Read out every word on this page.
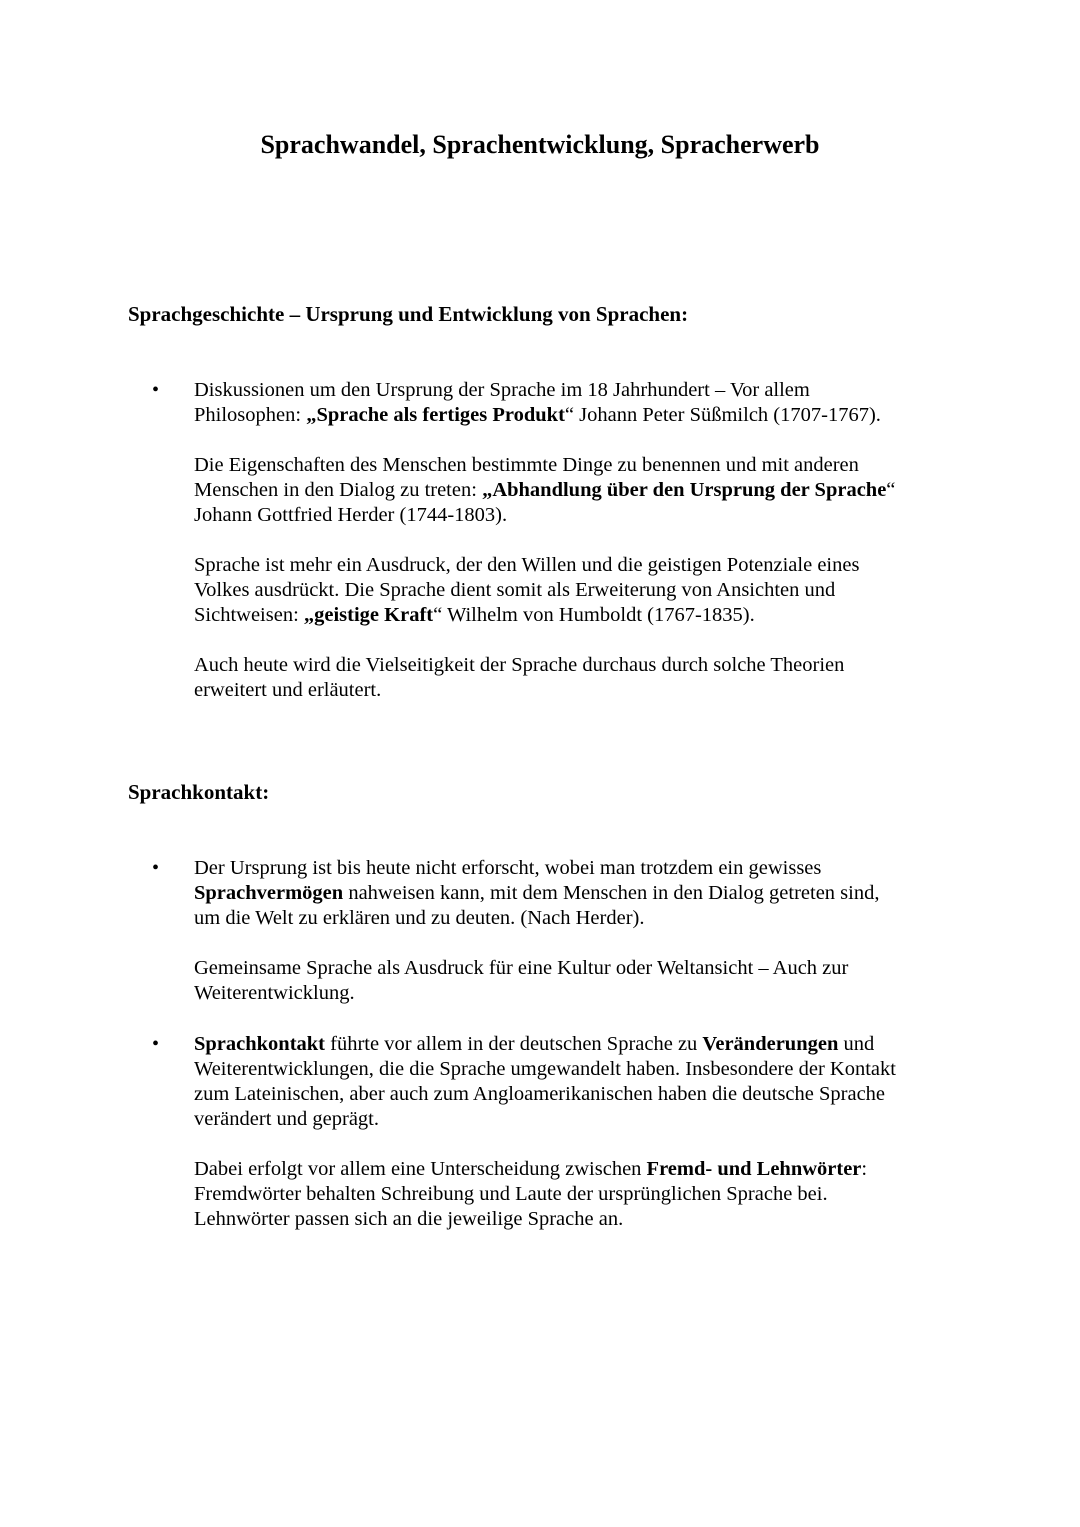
Sprachwandel, Sprachentwicklung, Spracherwerb
Sprachgeschichte – Ursprung und Entwicklung von Sprachen:
• Diskussionen um den Ursprung der Sprache im 18 Jahrhundert – Vor allem
Philosophen: „Sprache als fertiges Produkt“ Johann Peter Süßmilch (1707-1767).
Die Eigenschaften des Menschen bestimmte Dinge zu benennen und mit anderen
Menschen in den Dialog zu treten: „Abhandlung über den Ursprung der Sprache“
Johann Gottfried Herder (1744-1803).
Sprache ist mehr ein Ausdruck, der den Willen und die geistigen Potenziale eines
Volkes ausdrückt. Die Sprache dient somit als Erweiterung von Ansichten und
Sichtweisen: „geistige Kraft“ Wilhelm von Humboldt (1767-1835).
Auch heute wird die Vielseitigkeit der Sprache durchaus durch solche Theorien
erweitert und erläutert.
Sprachkontakt:
• Der Ursprung ist bis heute nicht erforscht, wobei man trotzdem ein gewisses
Sprachvermögen nahweisen kann, mit dem Menschen in den Dialog getreten sind,
um die Welt zu erklären und zu deuten. (Nach Herder).
Gemeinsame Sprache als Ausdruck für eine Kultur oder Weltansicht – Auch zur
Weiterentwicklung.
• Sprachkontakt führte vor allem in der deutschen Sprache zu Veränderungen und
Weiterentwicklungen, die die Sprache umgewandelt haben. Insbesondere der Kontakt
zum Lateinischen, aber auch zum Angloamerikanischen haben die deutsche Sprache
verändert und geprägt.
Dabei erfolgt vor allem eine Unterscheidung zwischen Fremd- und Lehnwörter:
Fremdwörter behalten Schreibung und Laute der ursprünglichen Sprache bei.
Lehnwörter passen sich an die jeweilige Sprache an.
